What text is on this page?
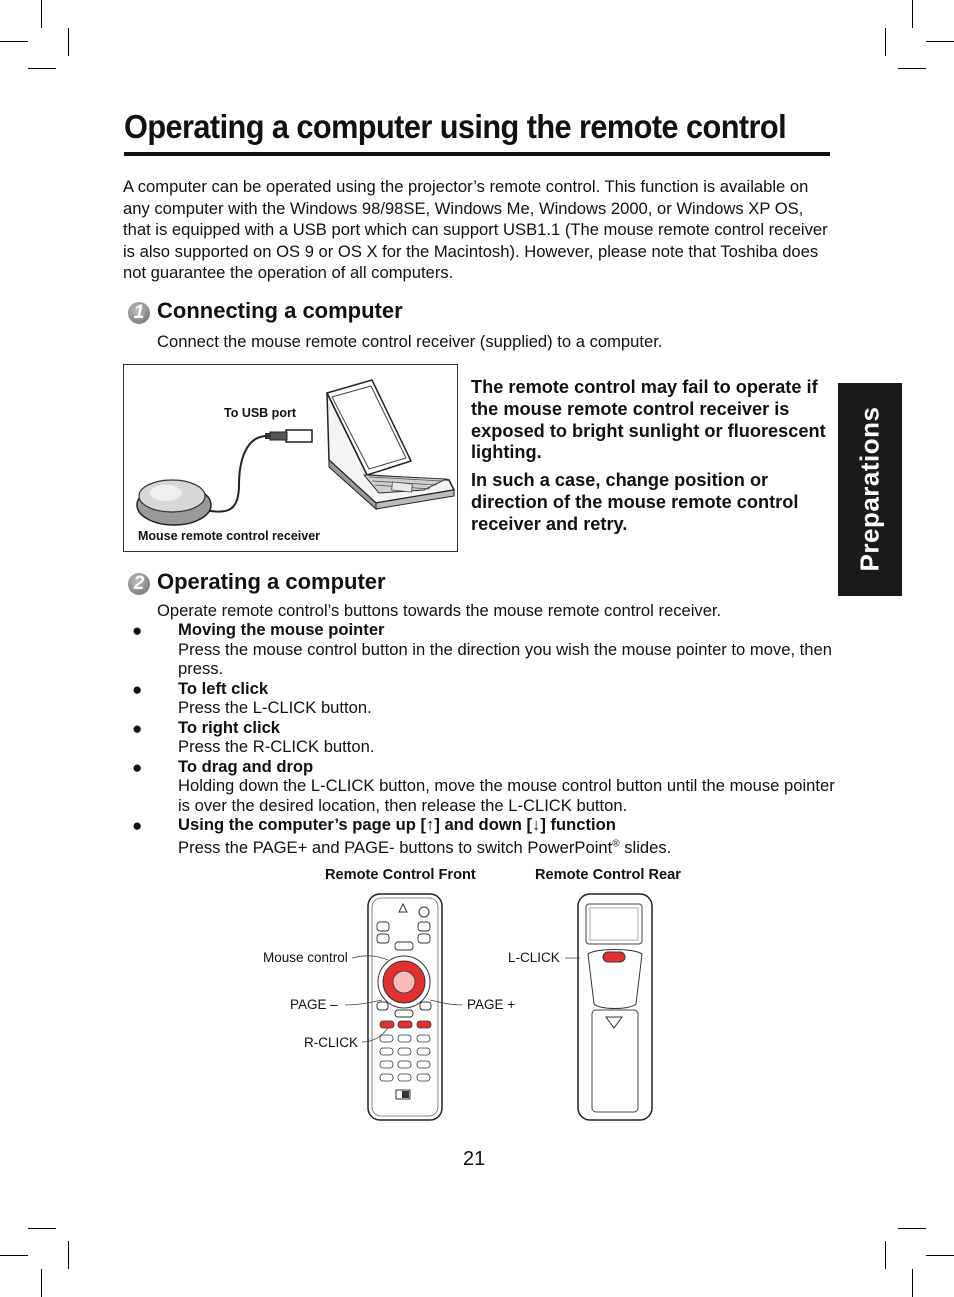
Operating a computer using the remote control

A computer can be operated using the projector’s remote control. This function is available on any computer with the Windows 98/98SE, Windows Me, Windows 2000, or Windows XP OS, that is equipped with a USB port which can support USB1.1 (The mouse remote control receiver is also supported on OS 9 or OS X for the Macintosh). However, please note that Toshiba does not guarantee the operation of all computers.

1 Connecting a computer

Connect the mouse remote control receiver (supplied) to a computer.

To USB port
Mouse remote control receiver

The remote control may fail to operate if the mouse remote control receiver is exposed to bright sunlight or fluorescent lighting.

In such a case, change position or direction of the mouse remote control receiver and retry.	Preparations
2 Operating a computer

Operate remote control’s buttons towards the mouse remote control receiver.

● Moving the mouse pointer
Press the mouse control button in the direction you wish the mouse pointer to move, then press.
● To left click
Press the L-CLICK button.
● To right click
Press the R-CLICK button.
● To drag and drop
Holding down the L-CLICK button, move the mouse control button until the mouse pointer is over the desired location, then release the L-CLICK button.
● Using the computer’s page up [↑] and down [↓] function
Press the PAGE+ and PAGE- buttons to switch PowerPoint® slides.
Remote Control Front	Remote Control Rear
Mouse control
PAGE –	PAGE +
R-CLICK
L-CLICK
21
